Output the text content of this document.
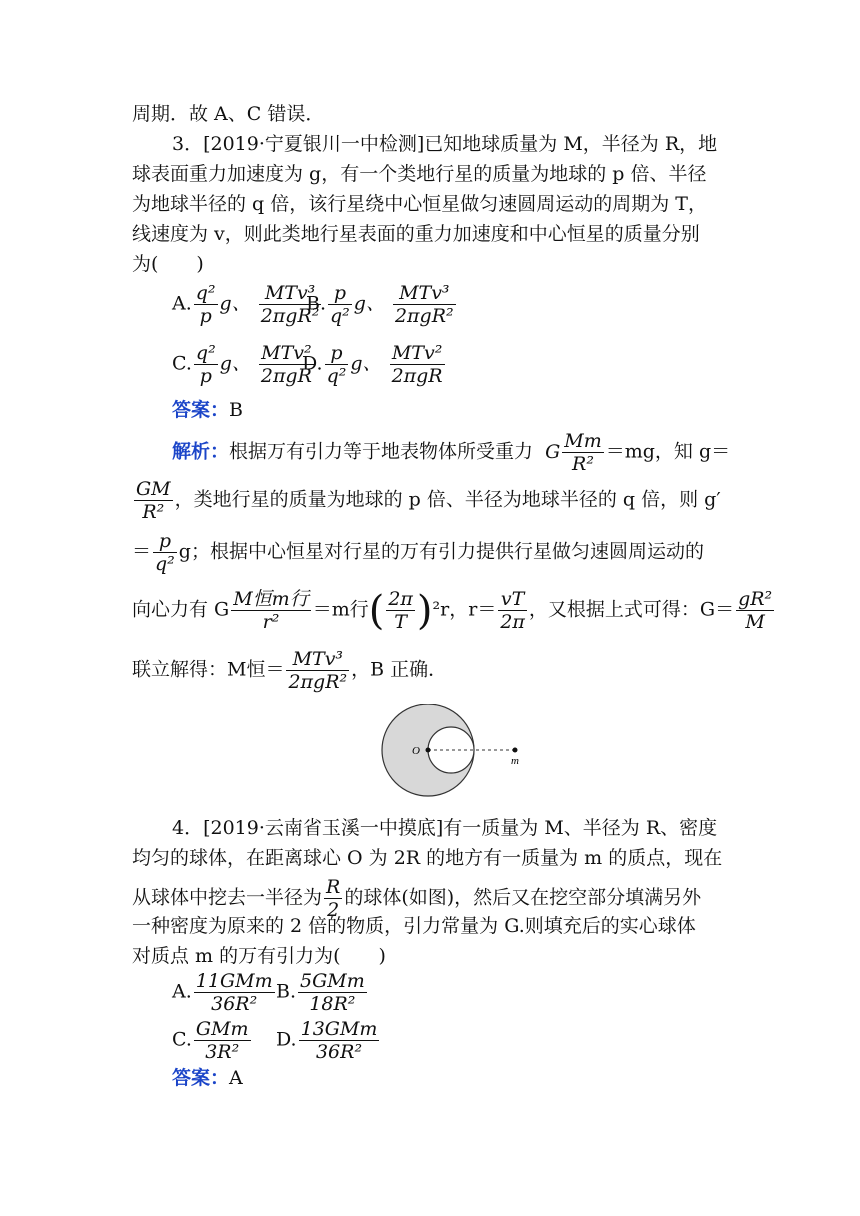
周期．故 A、C 错误．
3．[2019·宁夏银川一中检测]已知地球质量为 M，半径为 R，地
球表面重力加速度为 g，有一个类地行星的质量为地球的 p 倍、半径
为地球半径的 q 倍，该行星绕中心恒星做匀速圆周运动的周期为 T，
线速度为 v，则此类地行星表面的重力加速度和中心恒星的质量分别
为(　　)
A. $\frac{\text{q²}}{p}$ g、 $\frac{\text{MTv³}}{\text{2πgR²}}$
B. $\frac{p}{\text{q²}}$ g、 $\frac{\text{MTv³}}{\text{2πgR²}}$
C. $\frac{\text{q²}}{p}$ g、 $\frac{\text{MTv²}}{\text{2πgR}}$
D. $\frac{p}{\text{q²}}$ g、 $\frac{\text{MTv²}}{\text{2πgR}}$
答案：B
解析：根据万有引力等于地表物体所受重力 G $\frac{Mm}{\text{R²}} =mg$，知 g＝
$\frac{GM}{\text{R²}}$ ，类地行星的质量为地球的 p 倍、半径为地球半径的 q 倍，则 g′
＝ $\frac{p}{\text{q²}}$ g；根据中心恒星对行星的万有引力提供行星做匀速圆周运动的
向心力有 G $\frac{\text{M恒m行}}{\text{r²}} =m$行( $\frac{2\pi}{T} )^2r$，$r= \frac{vT}{2\pi}$ ，又根据上式可得：$G= \frac{\text{gR²}}{M}$
联立解得：M恒＝ $\frac{\text{MTv³}}{\text{2πgR²}}$ ，B 正确．
O
m
4．[2019·云南省玉溪一中摸底]有一质量为 M、半径为 R、密度
均匀的球体，在距离球心 O 为 2R 的地方有一质量为 m 的质点，现在
从球体中挖去一半径为 $\frac{R}{2}$ 的球体(如图)，然后又在挖空部分填满另外
一种密度为原来的 2 倍的物质，引力常量为 G.则填充后的实心球体
对质点 m 的万有引力为(　　)
A. $\frac{\text{11GMm}}{\text{36R²}} B$. $\frac{\text{5GMm}}{\text{18R²}}$
C. $\frac{\text{GMm}}{\text{3R²}} D$. $\frac{\text{13GMm}}{\text{36R²}}$
答案：A
